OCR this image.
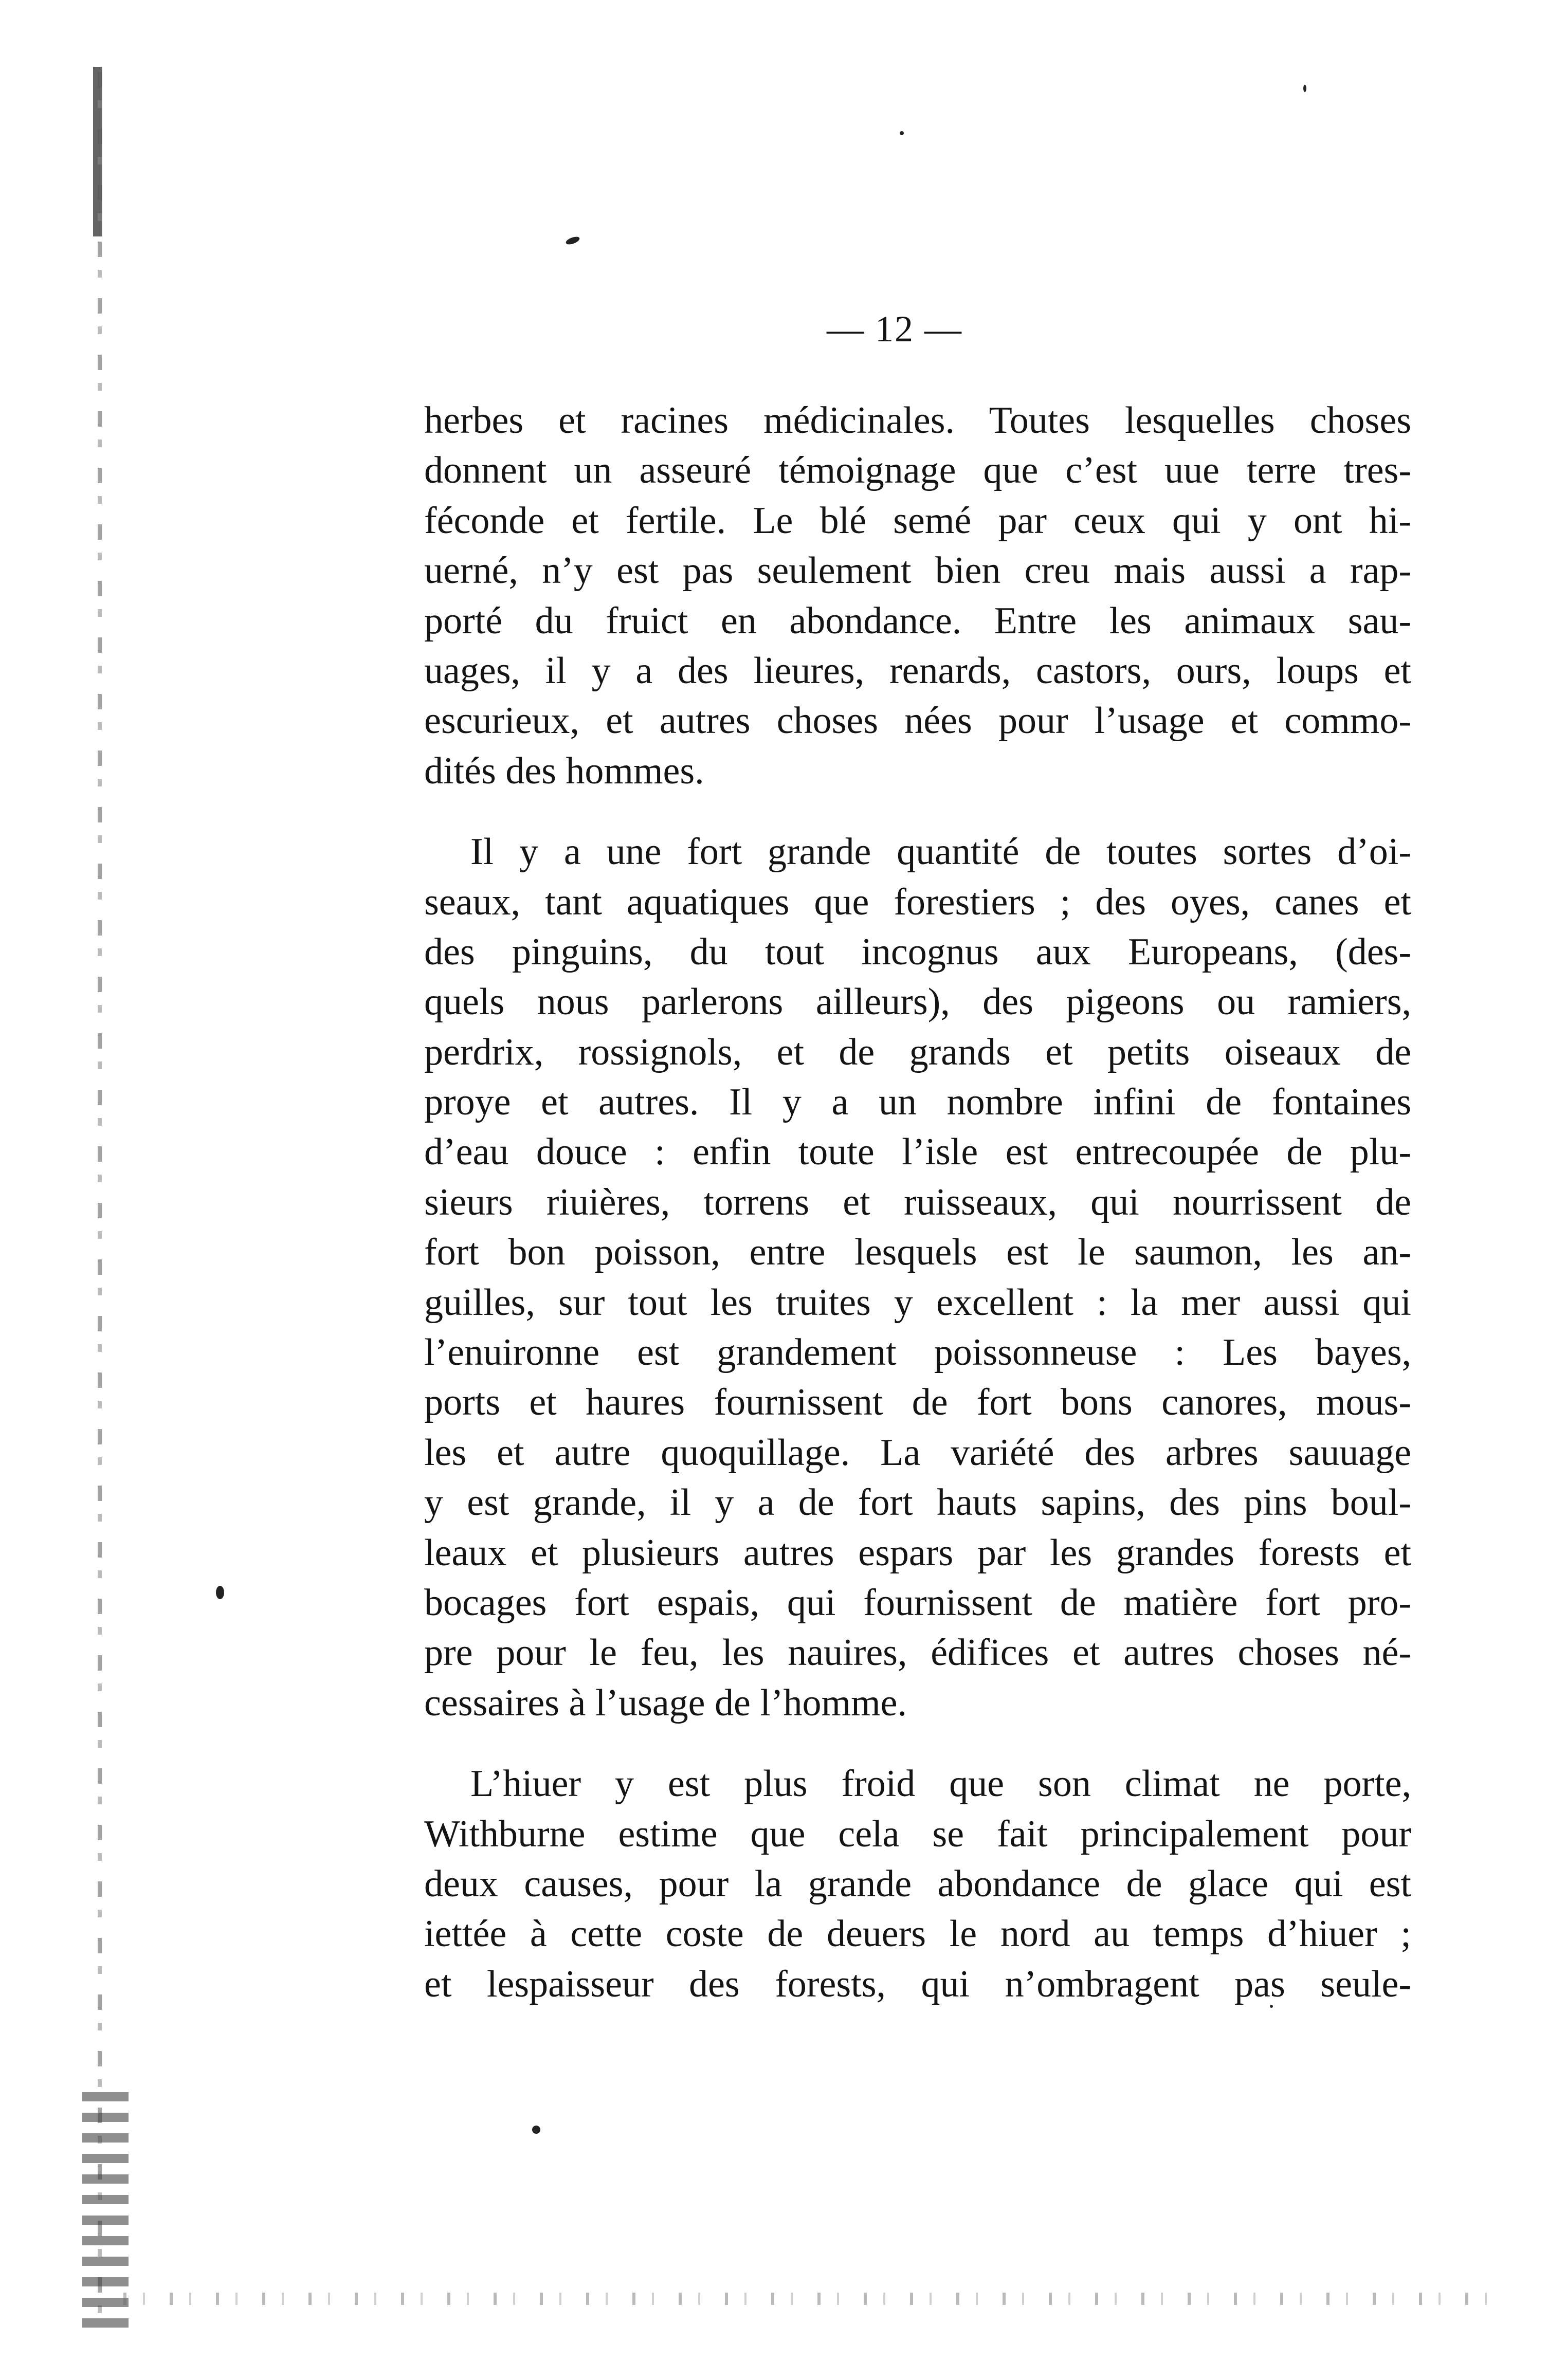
— 12 —
herbes et racines médicinales. Toutes lesquelles choses
donnent un asseuré témoignage que c’est uue terre tres-
féconde et fertile. Le blé semé par ceux qui y ont hi-
uerné, n’y est pas seulement bien creu mais aussi a rap-
porté du fruict en abondance. Entre les animaux sau-
uages, il y a des lieures, renards, castors, ours, loups et
escurieux, et autres choses nées pour l’usage et commo-
dités des hommes.
Il y a une fort grande quantité de toutes sortes d’oi-
seaux, tant aquatiques que forestiers ; des oyes, canes et
des pinguins, du tout incognus aux Europeans, (des-
quels nous parlerons ailleurs), des pigeons ou ramiers,
perdrix, rossignols, et de grands et petits oiseaux de
proye et autres. Il y a un nombre infini de fontaines
d’eau douce : enfin toute l’isle est entrecoupée de plu-
sieurs riuières, torrens et ruisseaux, qui nourrissent de
fort bon poisson, entre lesquels est le saumon, les an-
guilles, sur tout les truites y excellent : la mer aussi qui
l’enuironne est grandement poissonneuse : Les bayes,
ports et haures fournissent de fort bons canores, mous-
les et autre quoquillage. La variété des arbres sauuage
y est grande, il y a de fort hauts sapins, des pins boul-
leaux et plusieurs autres espars par les grandes forests et
bocages fort espais, qui fournissent de matière fort pro-
pre pour le feu, les nauires, édifices et autres choses né-
cessaires à l’usage de l’homme.
L’hiuer y est plus froid que son climat ne porte,
Withburne estime que cela se fait principalement pour
deux causes, pour la grande abondance de glace qui est
iettée à cette coste de deuers le nord au temps d’hiuer ;
et lespaisseur des forests, qui n’ombragent pas seule-
